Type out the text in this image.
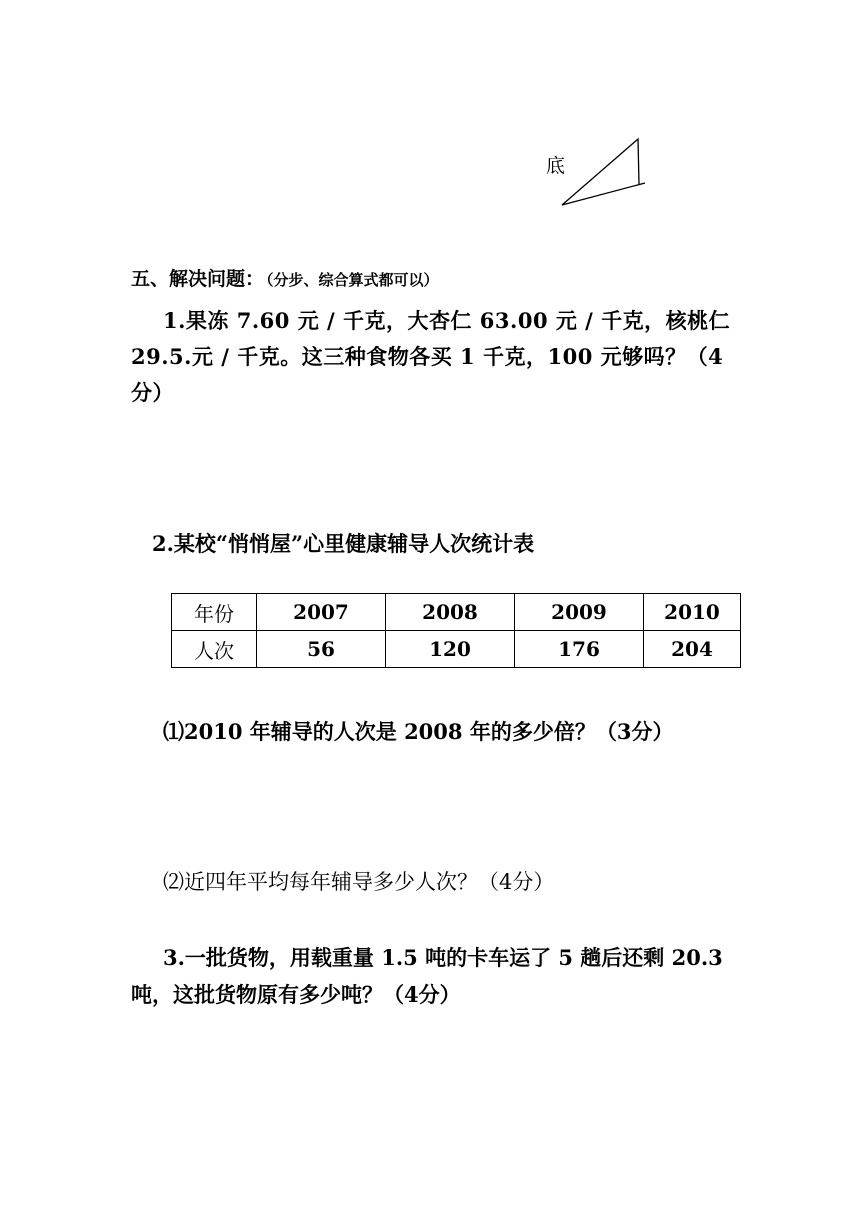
底
五、解决问题： （分步、综合算式都可以）
1.果冻 7.60 元 / 千克，大杏仁 63.00 元 / 千克，核桃仁 29.5.元 / 千克。这三种食物各买 1 千克，100 元够吗？（4分）
2.某校“悄悄屋”心里健康辅导人次统计表
年份	2007	2008	2009	2010
人次	56	120	176	204
⑴2010 年辅导的人次是 2008 年的多少倍？（3分）
⑵近四年平均每年辅导多少人次？（4分）
3.一批货物，用载重量 1.5 吨的卡车运了 5 趟后还剩 20.3 吨，这批货物原有多少吨？（4分）
